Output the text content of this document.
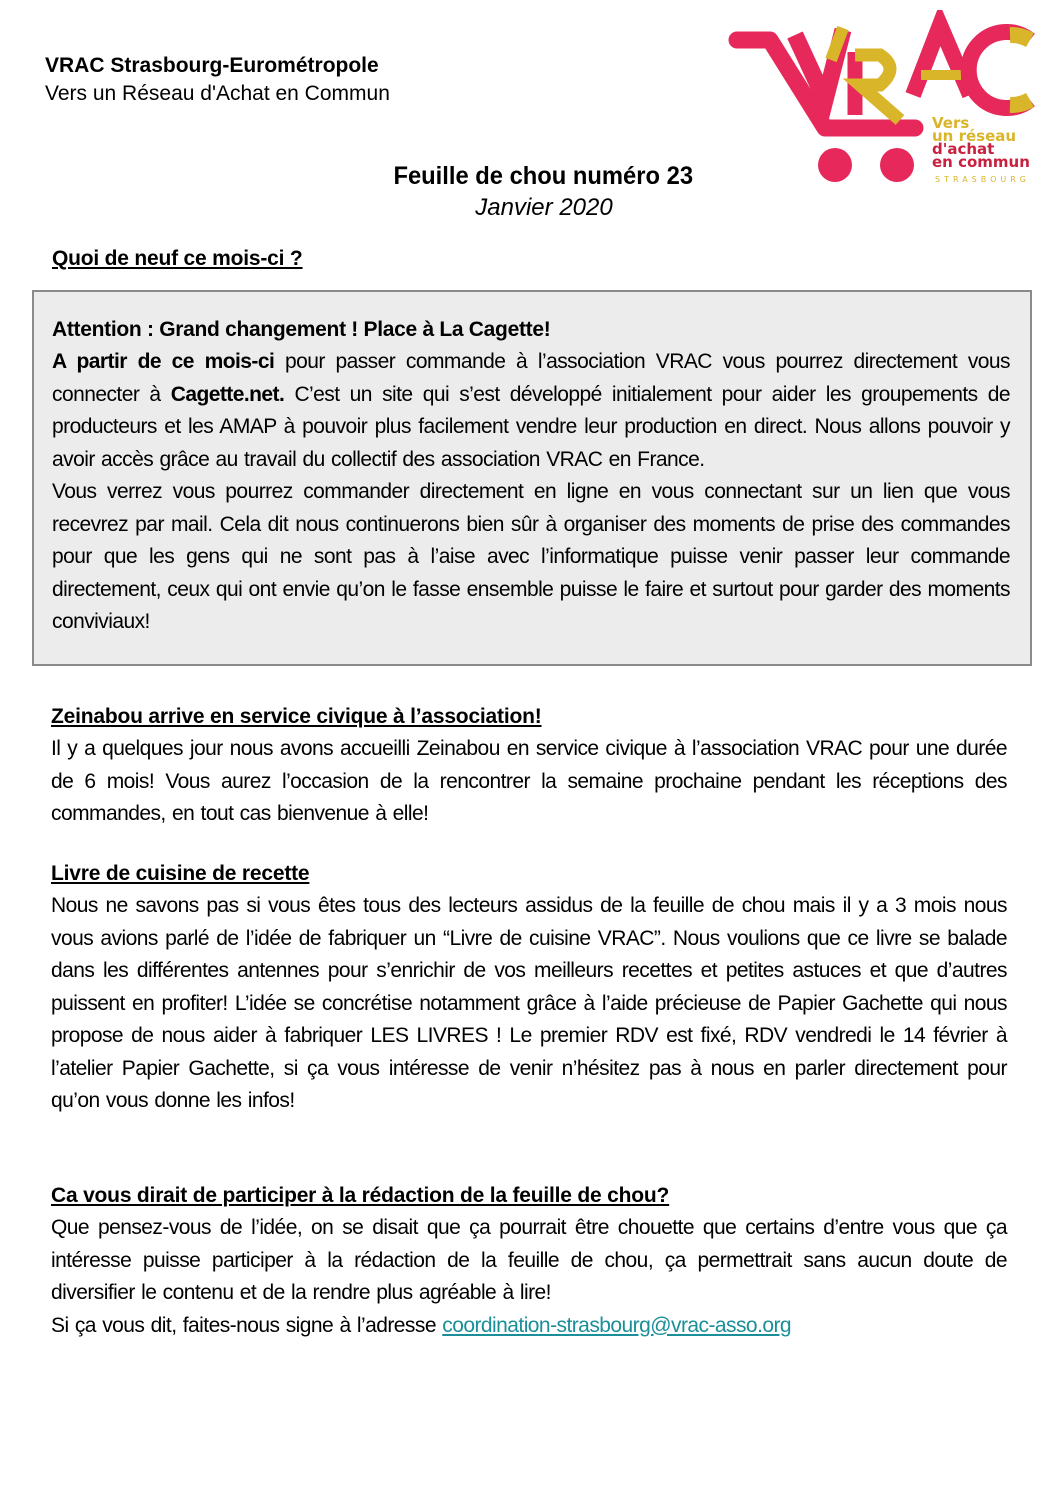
VRAC Strasbourg-Eurométropole
Vers un Réseau d'Achat en Commun
Vers
un réseau
d'achat
en commun
STRASBOURG
Feuille de chou numéro 23
Janvier 2020
Quoi de neuf ce mois-ci ?
Attention : Grand changement ! Place à La Cagette!
A partir de ce mois-ci pour passer commande à l’association VRAC vous pourrez directement vous connecter à Cagette.net. C’est un site qui s’est développé initialement pour aider les groupements de producteurs et les AMAP à pouvoir plus facilement vendre leur production en direct. Nous allons pouvoir y avoir accès grâce au travail du collectif des association VRAC en France.
Vous verrez vous pourrez commander directement en ligne en vous connectant sur un lien que vous recevrez par mail. Cela dit nous continuerons bien sûr à organiser des moments de prise des commandes pour que les gens qui ne sont pas à l’aise avec l’informatique puisse venir passer leur commande directement, ceux qui ont envie qu’on le fasse ensemble puisse le faire et surtout pour garder des moments conviviaux!
Zeinabou arrive en service civique à l’association!
Il y a quelques jour nous avons accueilli Zeinabou en service civique à l’association VRAC pour une durée de 6 mois! Vous aurez l’occasion de la rencontrer la semaine prochaine pendant les réceptions des commandes, en tout cas bienvenue à elle!
Livre de cuisine de recette
Nous ne savons pas si vous êtes tous des lecteurs assidus de la feuille de chou mais il y a 3 mois nous vous avions parlé de l’idée de fabriquer un “Livre de cuisine VRAC”. Nous voulions que ce livre se balade dans les différentes antennes pour s’enrichir de vos meilleurs recettes et petites astuces et que d’autres puissent en profiter! L’idée se concrétise notamment grâce à l’aide précieuse de Papier Gachette qui nous propose de nous aider à fabriquer LES LIVRES ! Le premier RDV est fixé, RDV vendredi le 14 février à l’atelier Papier Gachette, si ça vous intéresse de venir n’hésitez pas à nous en parler directement pour qu’on vous donne les infos!
Ca vous dirait de participer à la rédaction de la feuille de chou?
Que pensez-vous de l’idée, on se disait que ça pourrait être chouette que certains d’entre vous que ça intéresse puisse participer à la rédaction de la feuille de chou, ça permettrait sans aucun doute de diversifier le contenu et de la rendre plus agréable à lire!
Si ça vous dit, faites-nous signe à l’adresse coordination-strasbourg@vrac-asso.org
